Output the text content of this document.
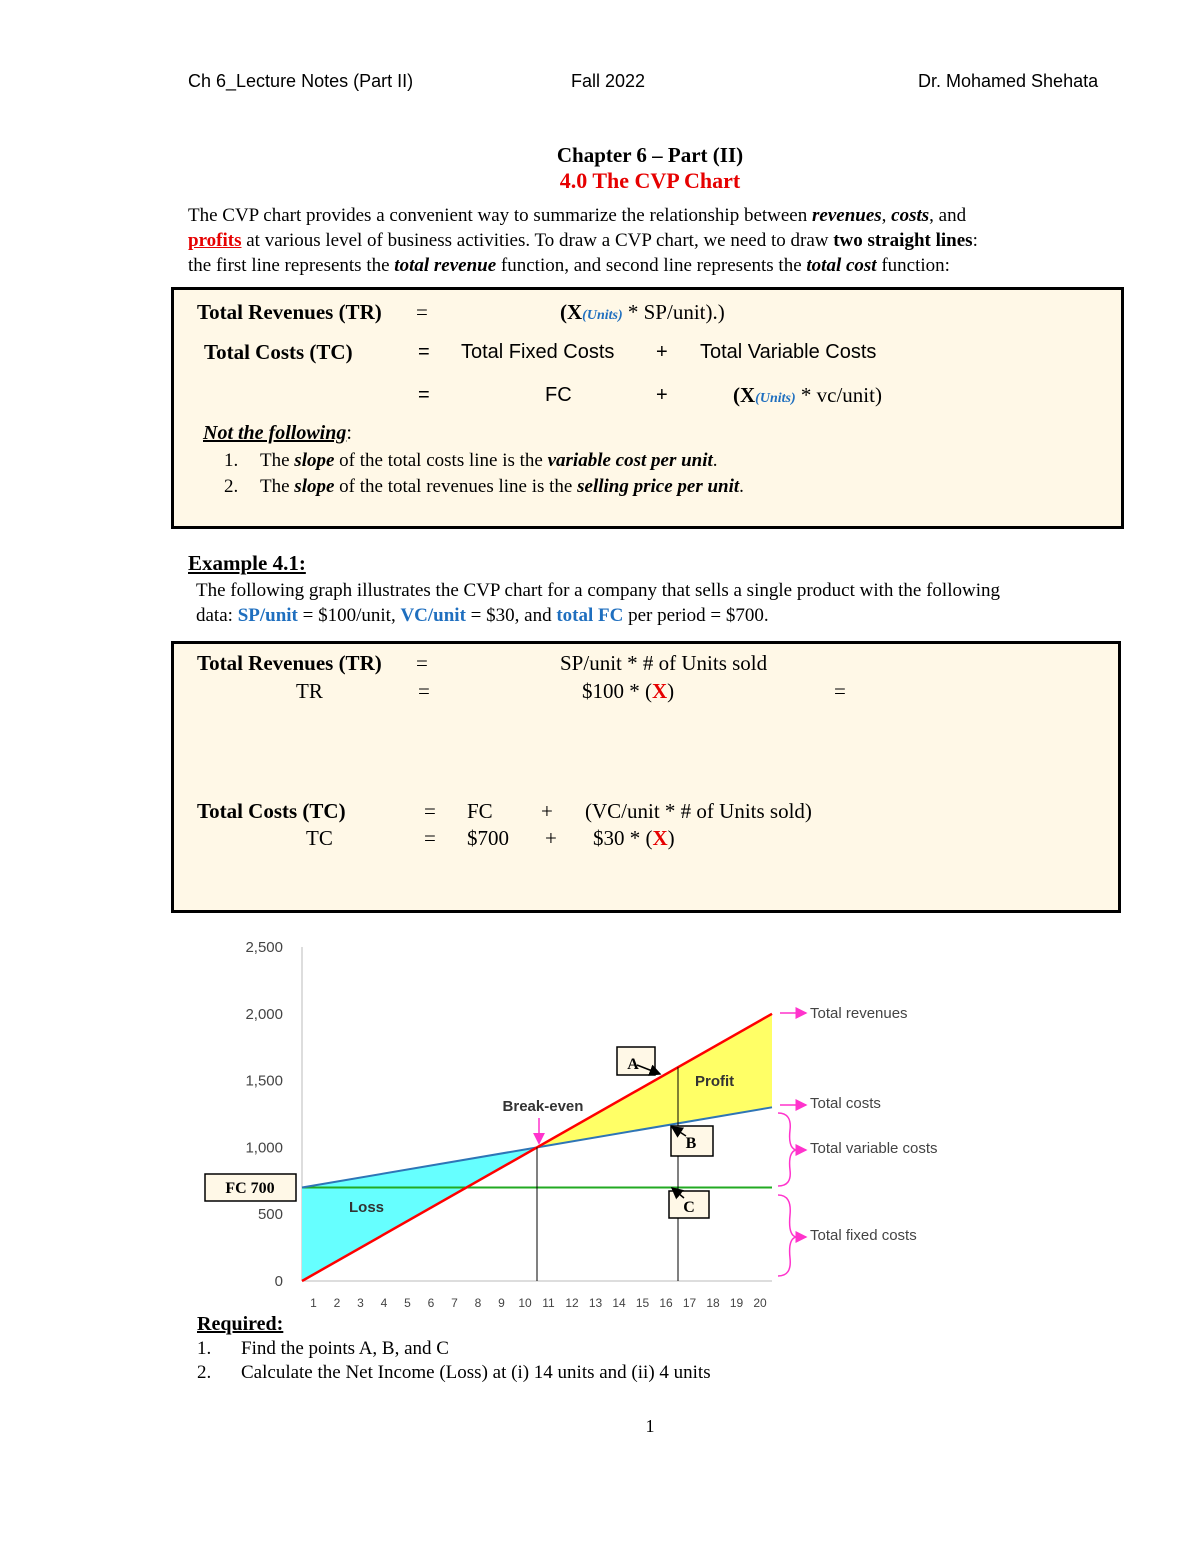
Ch 6_Lecture Notes (Part II)	Fall 2022	Dr. Mohamed Shehata
Chapter 6 – Part (II)
4.0 The CVP Chart
The CVP chart provides a convenient way to summarize the relationship between revenues, costs, and
profits at various level of business activities. To draw a CVP chart, we need to draw two straight lines:
the first line represents the total revenue function, and second line represents the total cost function:
Total Revenues (TR) =	(X(Units) * SP/unit).)
Total Costs (TC)	= Total Fixed Costs + Total Variable Costs
=	FC	+	(X(Units) * vc/unit)
Not the following:
1. The slope of the total costs line is the variable cost per unit.
2. The slope of the total revenues line is the selling price per unit.
Example 4.1:
The following graph illustrates the CVP chart for a company that sells a single product with the following
data: SP/unit = $100/unit, VC/unit = $30, and total FC per period = $700.
Total Revenues (TR) =	SP/unit * # of Units sold
TR	=	$100 * (X)	=
Total Costs (TC)	= FC + (VC/unit * # of Units sold)
TC	= $700 + $30 * (X)
0
500
1,000
1,500
2,000
2,500
1 2 3 4 5 6 7 8 9 10 11 12 13 14 15 16 17 18 19 20
Break-even
Profit
Loss
FC 700
A
B
C
Total revenues
Total costs
Total variable costs
Total fixed costs
Required:
1. Find the points A, B, and C
2. Calculate the Net Income (Loss) at (i) 14 units and (ii) 4 units
1
